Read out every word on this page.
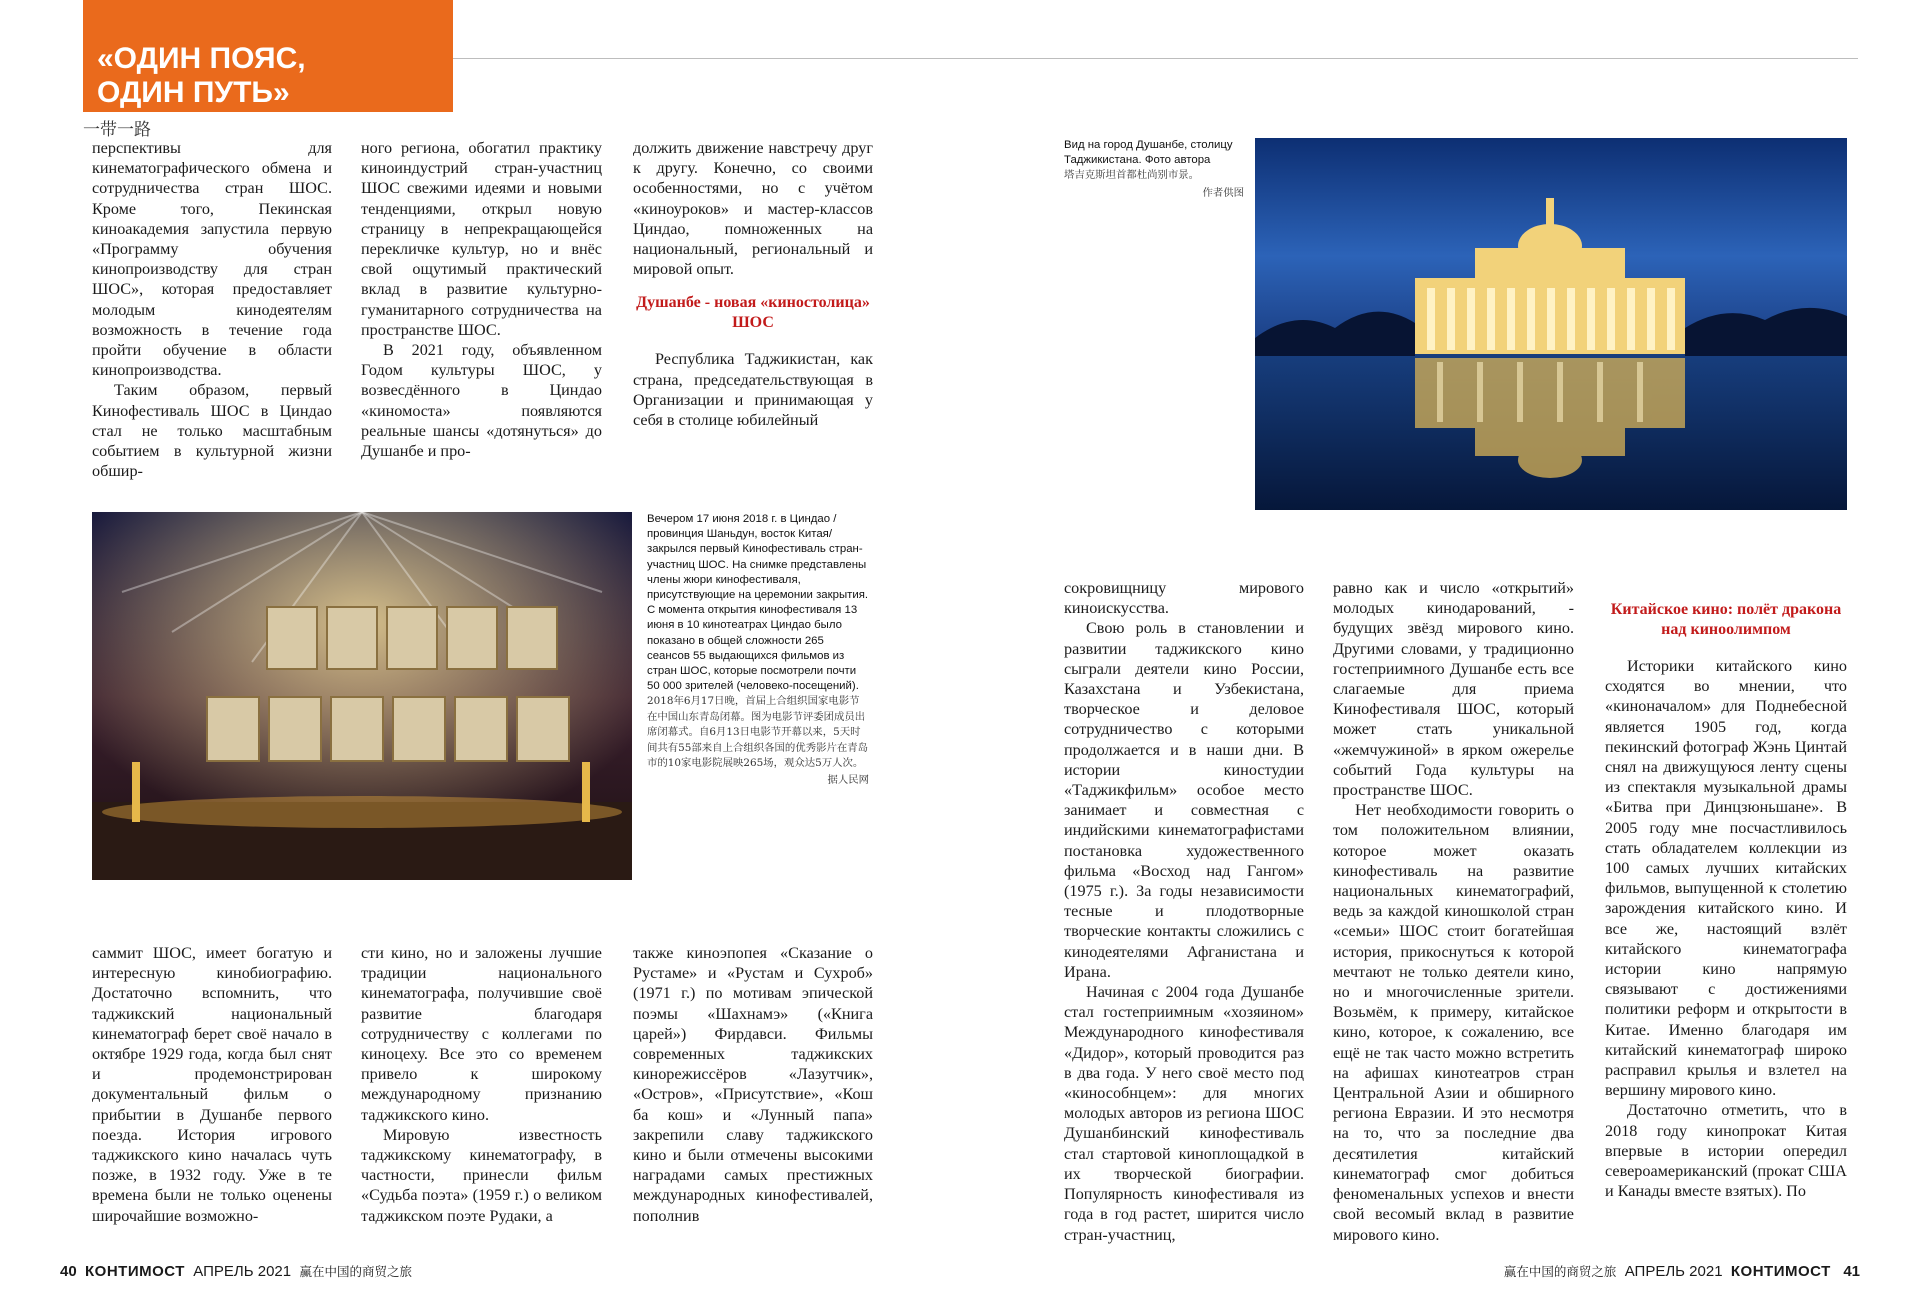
«ОДИН ПОЯС,
ОДИН ПУТЬ»
一带一路

перспективы для кинематографического обмена и сотрудничества стран ШОС. Кроме того, Пекинская киноакадемия запустила первую «Программу обучения кинопроизводству для стран ШОС», которая предоставляет молодым кинодеятелям возможность в течение года пройти обучение в области кинопроизводства.

Таким образом, первый Кинофестиваль ШОС в Циндао стал не только масштабным событием в культурной жизни обшир-

ного региона, обогатил практику киноиндустрий стран-участниц ШОС свежими идеями и новыми тенденциями, открыл новую страницу в непрекращающейся перекличке культур, но и внёс свой ощутимый практический вклад в развитие культурно-гуманитарного сотрудничества на пространстве ШОС.

В 2021 году, объявленном Годом культуры ШОС, у возвеcдённого в Циндао «киномоста» появляются реальные шансы «дотянуться» до Душанбе и про-

должить движение навстречу друг к другу. Конечно, со своими особенностями, но с учётом «киноуроков» и мастер-классов Циндао, помноженных на национальный, региональный и мировой опыт.

Душанбе - новая «киностолица» ШОС

Республика Таджикистан, как страна, председательствующая в Организации и принимающая у себя в столице юбилейный

Вечером 17 июня 2018 г. в Циндао / провинция Шаньдун, восток Китая/ закрылся первый Кинофестиваль стран-участниц ШОС. На снимке представлены члены жюри кинофестиваля, присутствующие на церемонии закрытия. С момента открытия кинофестиваля 13 июня в 10 кинотеатрах Циндао было показано в общей сложности 265 сеансов 55 выдающихся фильмов из стран ШОС, которые посмотрели почти 50 000 зрителей (человеко-посещений).
2018年6月17日晚，首届上合组织国家电影节在中国山东青岛闭幕。图为电影节评委团成员出席闭幕式。自6月13日电影节开幕以来，5天时间共有55部来自上合组织各国的优秀影片在青岛市的10家电影院展映265场，观众达5万人次。
据人民网

саммит ШОС, имеет богатую и интересную кинобиографию. Достаточно вспомнить, что таджикский национальный кинематограф берет своё начало в октябре 1929 года, когда был снят и продемонстрирован документальный фильм о прибытии в Душанбе первого поезда. История игрового таджикского кино началась чуть позже, в 1932 году. Уже в те времена были не только оценены широчайшие возможно-

сти кино, но и заложены лучшие традиции национального кинематографа, получившие своё развитие благодаря сотрудничеству с коллегами по киноцеху. Все это со временем привело к широкому международному признанию таджикского кино.

Мировую известность таджикскому кинематографу, в частности, принесли фильм «Судьба поэта» (1959 г.) о великом таджикском поэте Рудаки, а

также киноэпопея «Сказание о Рустаме» и «Рустам и Сухроб» (1971 г.) по мотивам эпической поэмы «Шахнамэ» («Книга царей») Фирдавси. Фильмы современных таджикских кинорежиссёров «Лазутчик», «Остров», «Присутствие», «Кош ба кош» и «Лунный папа» закрепили славу таджикского кино и были отмечены высокими наградами самых престижных международных кинофестивалей, пополнив

40 КОНТИМОСТ АПРЕЛЬ 2021 赢在中国的商贸之旅
Вид на город Душанбе, столицу Таджикистана. Фото автора
塔吉克斯坦首都杜尚别市景。
作者供图

сокровищницу мирового киноискусства.

Свою роль в становлении и развитии таджикского кино сыграли деятели кино России, Казахстана и Узбекистана, творческое и деловое сотрудничество с которыми продолжается и в наши дни. В истории киностудии «Таджикфильм» особое место занимает и совместная с индийскими кинематографистами постановка художественного фильма «Восход над Гангом» (1975 г.). За годы независимости тесные и плодотворные творческие контакты сложились с кинодеятелями Афганистана и Ирана.

Начиная с 2004 года Душанбе стал гостеприимным «хозяином» Международного кинофестиваля «Дидор», который проводится раз в два года. У него своё место под «кинособнцем»: для многих молодых авторов из региона ШОС Душанбинский кинофестиваль стал стартовой киноплощадкой в их творческой биографии. Популярность кинофестиваля из года в год растет, ширится число стран-участниц,

равно как и число «открытий» молодых кинодарований, - будущих звёзд мирового кино. Другими словами, у традиционно гостеприимного Душанбе есть все слагаемые для приема Кинофестиваля ШОС, который может стать уникальной «жемчужиной» в ярком ожерелье событий Года культуры на пространстве ШОС.

Нет необходимости говорить о том положительном влиянии, которое может оказать кинофестиваль на развитие национальных кинематографий, ведь за каждой киношколой стран «семьи» ШОС стоит богатейшая история, прикоснуться к которой мечтают не только деятели кино, но и многочисленные зрители. Возьмём, к примеру, китайское кино, которое, к сожалению, все ещё не так часто можно встретить на афишах кинотеатров стран Центральной Азии и обширного региона Евразии. И это несмотря на то, что за последние два десятилетия китайский кинематограф смог добиться феноменальных успехов и внести свой весомый вклад в развитие мирового кино.

Китайское кино: полёт дракона над киноолимпом

Историки китайского кино сходятся во мнении, что «киноначалом» для Поднебесной является 1905 год, когда пекинский фотограф Жэнь Цинтай снял на движущуюся ленту сцены из спектакля музыкальной драмы «Битва при Динцзюньшане». В 2005 году мне посчастливилось стать обладателем коллекции из 100 самых лучших китайских фильмов, выпущенной к столетию зарождения китайского кино. И все же, настоящий взлёт китайского кинематографа истории кино напрямую связывают с достижениями политики реформ и открытости в Китае. Именно благодаря им китайский кинематограф широко расправил крылья и взлетел на вершину мирового кино.

Достаточно отметить, что в 2018 году кинопрокат Китая впервые в истории опередил североамериканский (прокат США и Канады вместе взятых). По

赢在中国的商贸之旅 АПРЕЛЬ 2021 КОНТИМОСТ 41
